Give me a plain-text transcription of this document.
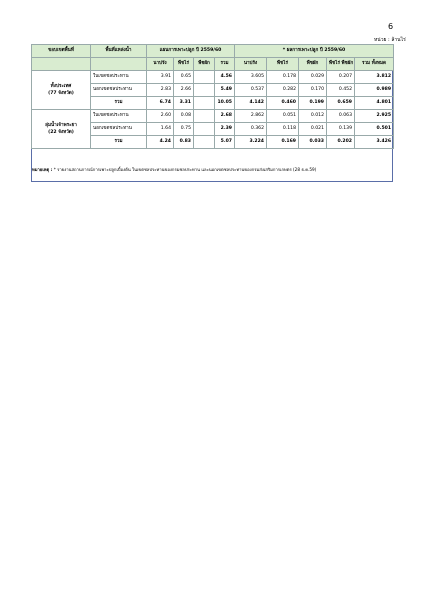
6
หน่วย : ล้านไร่
ขอบเขตพื้นที่	พื้นที่แหล่งน้ำ	แผนการเพาะปลูก ปี 2559/60				* ผลการเพาะปลูก ปี 2559/60				
		นาปรัง	พืชไร่	พืชผัก	รวม	นาปรัง	พืชไร่	พืชผัก	พืชไร่ พืชผัก	รวม ทั้งหมด

ทั้งประเทศ
(77 จังหวัด)	ในเขตชลประทาน	3.91	0.65		4.56	3.605	0.178	0.029	0.207	3.812
	นอกเขตชลประทาน	2.83	2.66		5.49	0.537	0.282	0.170	0.452	0.989
	รวม	6.74	3.31		10.05	4.142	0.460	0.199	0.659	4.801

ลุ่มน้ำเจ้าพระยา
(22 จังหวัด)	ในเขตชลประทาน	2.60	0.08		2.68	2.862	0.051	0.012	0.063	2.925
	นอกเขตชลประทาน	1.64	0.75		2.39	0.362	0.118	0.021	0.139	0.501
	รวม	4.24	0.83		5.07	3.224	0.169	0.033	0.202	3.426
หมายเหตุ : * รายงานสถานการณ์การเพาะปลูกเบื้องต้น ในเขตชลประทานของกรมชลประทาน และนอกเขตชลประทานของกรมส่งเสริมการเกษตร (28 ธ.ค.59)
